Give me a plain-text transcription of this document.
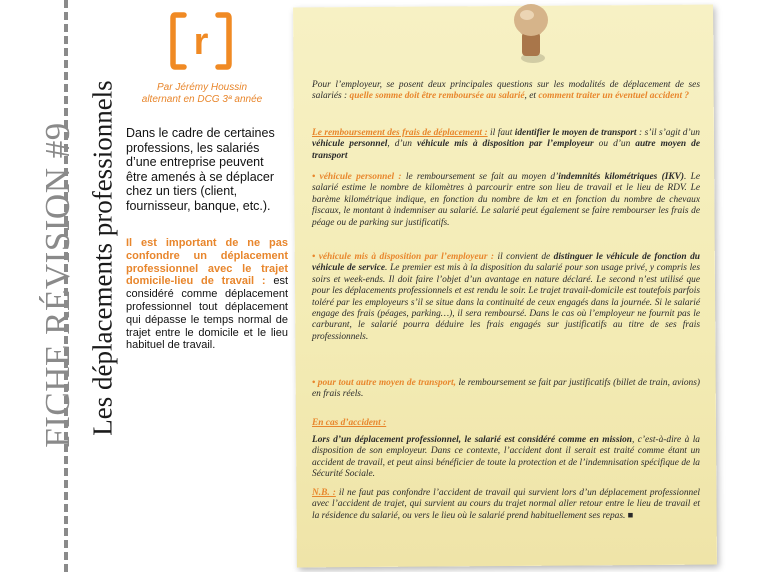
FICHE RÉVISION #9 Les déplacements professionnels
r
Par Jérémy Houssin
alternant en DCG 3ª année
Dans le cadre de certaines professions, les salariés d’une entreprise peuvent être amenés à se déplacer chez un tiers (client, fournisseur, banque, etc.).
Il est important de ne pas confondre un déplacement professionnel avec le trajet domicile-lieu de travail : est considéré comme déplacement professionnel tout déplacement qui dépasse le temps normal de trajet entre le domicile et le lieu habituel de travail.
Pour l’employeur, se posent deux principales questions sur les modalités de déplacement de ses salariés : quelle somme doit être remboursée au salarié, et comment traiter un éventuel accident ?
Le remboursement des frais de déplacement : il faut identifier le moyen de transport : s’il s’agit d’un véhicule personnel, d’un véhicule mis à disposition par l’employeur ou d’un autre moyen de transport
• véhicule personnel : le remboursement se fait au moyen d’indemnités kilométriques (IKV). Le salarié estime le nombre de kilomètres à parcourir entre son lieu de travail et le lieu de RDV. Le barème kilométrique indique, en fonction du nombre de km et en fonction du nombre de chevaux fiscaux, le montant à indemniser au salarié. Le salarié peut également se faire rembourser les frais de péage ou de parking sur justificatifs.
• véhicule mis à disposition par l’employeur : il convient de distinguer le véhicule de fonction du véhicule de service. Le premier est mis à la disposition du salarié pour son usage privé, y compris les soirs et week-ends. Il doit faire l’objet d’un avantage en nature déclaré. Le second n’est utilisé que pour les déplacements professionnels et est rendu le soir. Le trajet travail-domicile est toutefois parfois toléré par les employeurs s’il se situe dans la continuité de ceux engagés dans la journée. Si le salarié engage des frais (péages, parking…), il sera remboursé. Dans le cas où l’employeur ne fournit pas le carburant, le salarié pourra déduire les frais engagés sur justificatifs au titre de ses frais professionnels.
• pour tout autre moyen de transport, le remboursement se fait par justificatifs (billet de train, avions) en frais réels.
En cas d’accident :
Lors d’un déplacement professionnel, le salarié est considéré comme en mission, c’est-à-dire à la disposition de son employeur. Dans ce contexte, l’accident dont il serait est traité comme étant un accident de travail, et peut ainsi bénéficier de toute la protection et de l’indemnisation spécifique de la Sécurité Sociale.
N.B. : il ne faut pas confondre l’accident de travail qui survient lors d’un déplacement professionnel avec l’accident de trajet, qui survient au cours du trajet normal aller retour entre le lieu de travail et la résidence du salarié, ou vers le lieu où le salarié prend habituellement ses repas. ■
